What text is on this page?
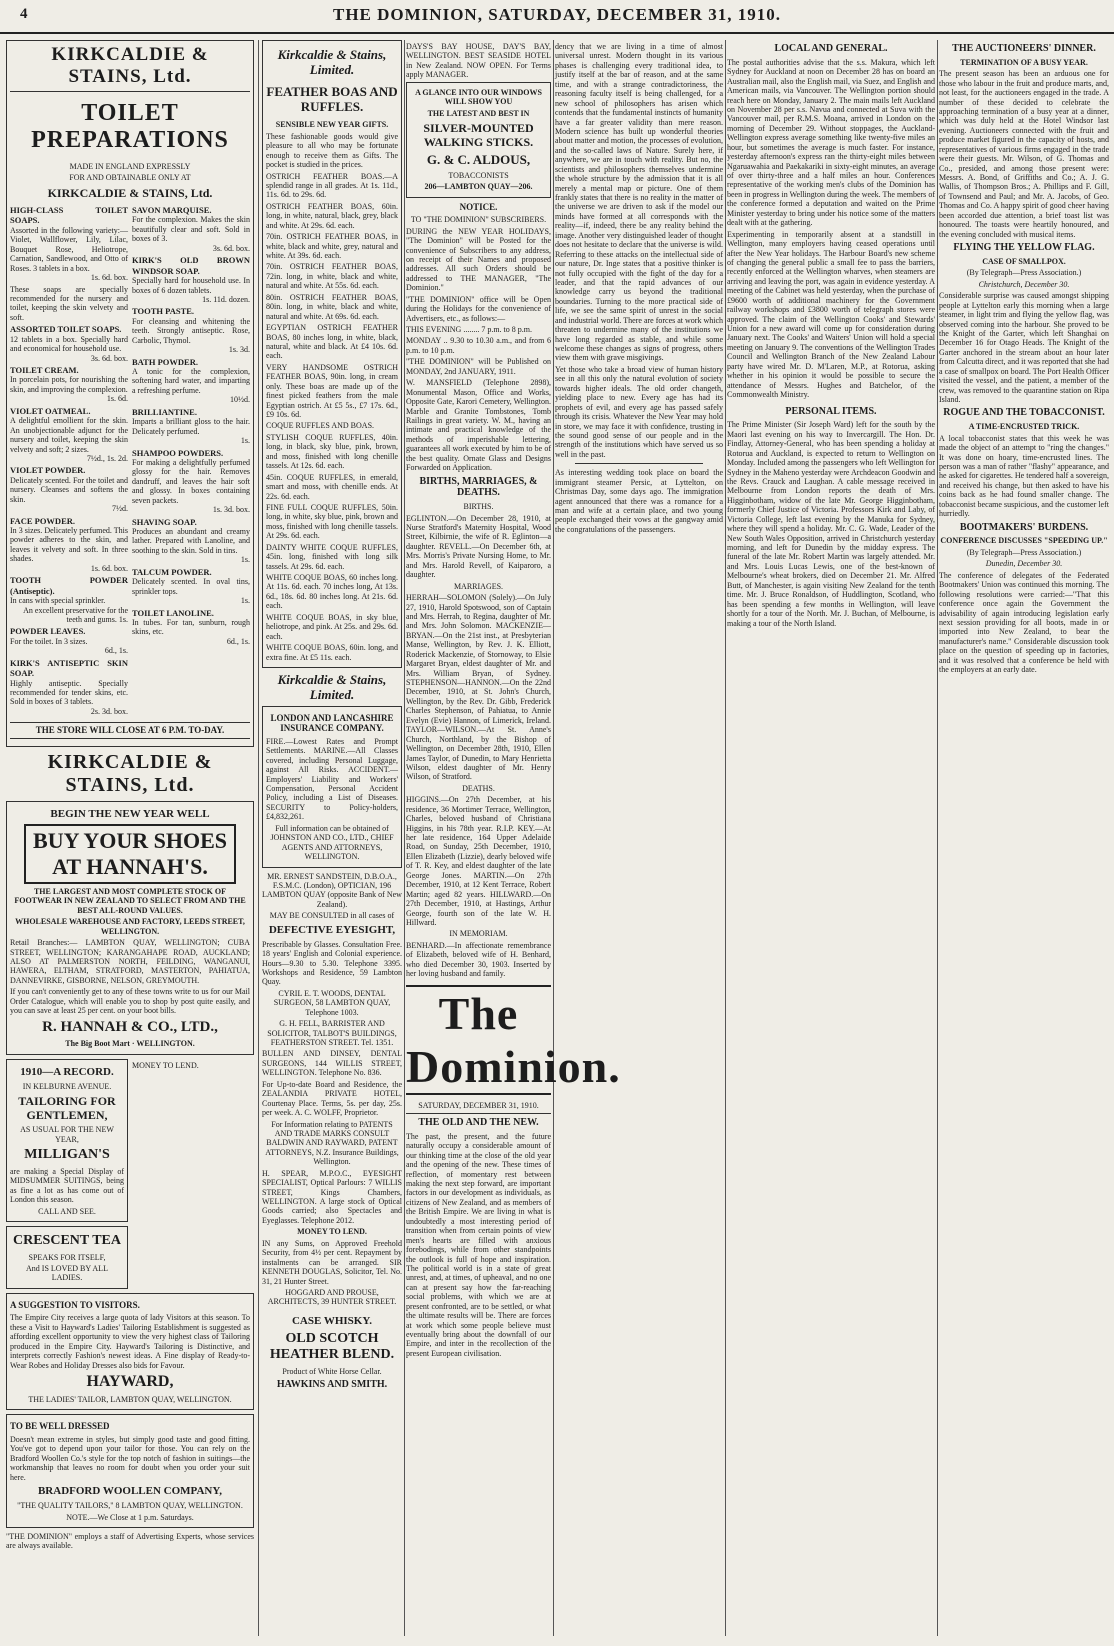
4	THE DOMINION, SATURDAY, DECEMBER 31, 1910.
KIRKCALDIE & STAINS, Ltd.
TOILET PREPARATIONS
MADE IN ENGLAND EXPRESSLY
FOR AND OBTAINABLE ONLY AT
KIRKCALDIE & STAINS, Ltd.
HIGH-CLASS TOILET SOAPS.
Assorted in the following variety:—Violet, Wallflower, Lily, Lilac, Bouquet Rose, Heliotrope, Carnation, Sandlewood, and Otto of Roses. 3 tablets in a box.
1s. 6d. box.
These soaps are specially recommended for the nursery and toilet, keeping the skin velvety and soft.
ASSORTED TOILET SOAPS.
12 tablets in a box. Specially hard and economical for household use.
3s. 6d. box.
TOILET CREAM.
In porcelain pots, for nourishing the skin, and improving the complexion.
1s. 6d.
VIOLET OATMEAL.
A delightful emollient for the skin. An unobjectionable adjunct for the nursery and toilet, keeping the skin velvety and soft; 2 sizes.
7½d., 1s. 2d.
VIOLET POWDER.
Delicately scented. For the toilet and nursery. Cleanses and softens the skin.
7½d.
FACE POWDER.
In 3 sizes. Delicately perfumed. This powder adheres to the skin, and leaves it velvety and soft. In three shades.
1s. 6d. box.
TOOTH POWDER (Antiseptic).
In cans with special sprinkler.
An excellent preservative for the teeth and gums. 1s.
POWDER LEAVES.
For the toilet. In 3 sizes.
6d., 1s.
KIRK'S ANTISEPTIC SKIN SOAP.
Highly antiseptic. Specially recommended for tender skins, etc. Sold in boxes of 3 tablets.
2s. 3d. box.
SAVON MARQUISE.
For the complexion. Makes the skin beautifully clear and soft. Sold in boxes of 3.
3s. 6d. box.
KIRK'S OLD BROWN WINDSOR SOAP.
Specially hard for household use. In boxes of 6 dozen tablets.
1s. 11d. dozen.
TOOTH PASTE.
For cleansing and whitening the teeth. Strongly antiseptic. Rose, Carbolic, Thymol.
1s. 3d.
BATH POWDER.
A tonic for the complexion, softening hard water, and imparting a refreshing perfume.
10½d.
BRILLIANTINE.
Imparts a brilliant gloss to the hair. Delicately perfumed.
1s.
SHAMPOO POWDERS.
For making a delightfully perfumed glossy for the hair. Removes dandruff, and leaves the hair soft and glossy. In boxes containing seven packets.
1s. 3d. box.
SHAVING SOAP.
Produces an abundant and creamy lather. Prepared with Lanoline, and soothing to the skin. Sold in tins.
1s.
TALCUM POWDER.
Delicately scented. In oval tins, sprinkler tops.
1s.
TOILET LANOLINE.
In tubes. For tan, sunburn, rough skins, etc.
6d., 1s.
THE STORE WILL CLOSE AT 6 P.M. TO-DAY.
KIRKCALDIE & STAINS, Ltd.
BEGIN THE NEW YEAR WELL
BUY YOUR SHOES AT HANNAH'S.
THE LARGEST AND MOST COMPLETE STOCK OF FOOTWEAR IN NEW ZEALAND TO SELECT FROM AND THE BEST ALL-ROUND VALUES.
WHOLESALE WAREHOUSE AND FACTORY, LEEDS STREET, WELLINGTON.
Retail Branches:— LAMBTON QUAY, WELLINGTON; CUBA STREET, WELLINGTON; KARANGAHAPE ROAD, AUCKLAND; ALSO AT PALMERSTON NORTH, FEILDING, WANGANUI, HAWERA, ELTHAM, STRATFORD, MASTERTON, PAHIATUA, DANNEVIRKE, GISBORNE, NELSON, GREYMOUTH.
If you can't conveniently get to any of these towns write to us for our Mail Order Catalogue, which will enable you to shop by post quite easily, and you can save at least 25 per cent. on your boot bills.
R. HANNAH & CO., LTD.,
The Big Boot Mart · WELLINGTON.
1910—A RECORD.
IN KELBURNE AVENUE.
TAILORING FOR GENTLEMEN,
AS USUAL FOR THE NEW YEAR,
MILLIGAN'S
are making a Special Display of MIDSUMMER SUITINGS, being as fine a lot as has come out of London this season.
CALL AND SEE.
CRESCENT TEA
SPEAKS FOR ITSELF,
And IS LOVED BY ALL LADIES.
MONEY TO LEND.
A SUGGESTION TO VISITORS.
The Empire City receives a large quota of lady Visitors at this season. To these a Visit to Hayward's Ladies' Tailoring Establishment is suggested as affording excellent opportunity to view the very highest class of Tailoring produced in the Empire City. Hayward's Tailoring is Distinctive, and interprets correctly Fashion's newest ideas. A Fine display of Ready-to-Wear Robes and Holiday Dresses also bids for Favour.
HAYWARD,
THE LADIES' TAILOR, LAMBTON QUAY, WELLINGTON.
TO BE WELL DRESSED
Doesn't mean extreme in styles, but simply good taste and good fitting. You've got to depend upon your tailor for those. You can rely on the Bradford Woollen Co.'s style for the top notch of fashion in suitings—the workmanship that leaves no room for doubt when you order your suit here.
BRADFORD WOOLLEN COMPANY,
"THE QUALITY TAILORS," 8 LAMBTON QUAY, WELLINGTON.
NOTE.—We Close at 1 p.m. Saturdays.
"THE DOMINION" employs a staff of Advertising Experts, whose services are always available.
Kirkcaldie & Stains, Limited.
FEATHER BOAS AND RUFFLES.
SENSIBLE NEW YEAR GIFTS.
These fashionable goods would give pleasure to all who may be fortunate enough to receive them as Gifts. The pocket is studied in the prices.
OSTRICH FEATHER BOAS.—A splendid range in all grades. At 1s. 11d., 11s. 6d. to 29s. 6d.
OSTRICH FEATHER BOAS, 60in. long, in white, natural, black, grey, black and white. At 29s. 6d. each.
70in. OSTRICH FEATHER BOAS, in white, black and white, grey, natural and white. At 39s. 6d. each.
70in. OSTRICH FEATHER BOAS, 72in. long, in white, black and white, natural and white. At 55s. 6d. each.
80in. OSTRICH FEATHER BOAS, 80in. long, in white, black and white, natural and white. At 69s. 6d. each.
EGYPTIAN OSTRICH FEATHER BOAS, 80 inches long, in white, black, natural, white and black. At £4 10s. 6d. each.
VERY HANDSOME OSTRICH FEATHER BOAS, 90in. long, in cream only. These boas are made up of the finest picked feathers from the male Egyptian ostrich. At £5 5s., £7 17s. 6d., £9 10s. 6d.
COQUE RUFFLES AND BOAS.
STYLISH COQUE RUFFLES, 40in. long, in black, sky blue, pink, brown, and moss, finished with long chenille tassels. At 12s. 6d. each.
45in. COQUE RUFFLES, in emerald, smart and moss, with chenille ends. At 22s. 6d. each.
FINE FULL COQUE RUFFLES, 50in. long, in white, sky blue, pink, brown and moss, finished with long chenille tassels. At 29s. 6d. each.
DAINTY WHITE COQUE RUFFLES, 45in. long, finished with long silk tassels. At 29s. 6d. each.
WHITE COQUE BOAS, 60 inches long. At 11s. 6d. each. 70 inches long, At 13s. 6d., 18s. 6d. 80 inches long. At 21s. 6d. each.
WHITE COQUE BOAS, in sky blue, heliotrope, and pink. At 25s. and 29s. 6d. each.
WHITE COQUE BOAS, 60in. long, and extra fine. At £5 11s. each.
Kirkcaldie & Stains, Limited.
LONDON AND LANCASHIRE INSURANCE COMPANY.
FIRE.—Lowest Rates and Prompt Settlements. MARINE.—All Classes covered, including Personal Luggage, against All Risks. ACCIDENT.—Employers' Liability and Workers' Compensation, Personal Accident Policy, including a List of Diseases. SECURITY to Policy-holders, £4,832,261.
Full information can be obtained of JOHNSTON AND CO., LTD., CHIEF AGENTS AND ATTORNEYS, WELLINGTON.
MR. ERNEST SANDSTEIN, D.B.O.A., F.S.M.C. (London), OPTICIAN, 196 LAMBTON QUAY (opposite Bank of New Zealand).
MAY BE CONSULTED in all cases of
DEFECTIVE EYESIGHT,
Prescribable by Glasses. Consultation Free. 18 years' English and Colonial experience. Hours—9.30 to 5.30. Telephone 3395. Workshops and Residence, 59 Lambton Quay.
CYRIL E. T. WOODS, DENTAL SURGEON, 58 LAMBTON QUAY, Telephone 1003.
G. H. FELL, BARRISTER AND SOLICITOR, TALBOT'S BUILDINGS, FEATHERSTON STREET. Tel. 1351.
BULLEN AND DINSEY, DENTAL SURGEONS, 144 WILLIS STREET, WELLINGTON. Telephone No. 836.
For Up-to-date Board and Residence, the ZEALANDIA PRIVATE HOTEL, Courtenay Place. Terms, 5s. per day, 25s. per week. A. C. WOLFF, Proprietor.
For Information relating to PATENTS AND TRADE MARKS CONSULT BALDWIN AND RAYWARD, PATENT ATTORNEYS, N.Z. Insurance Buildings, Wellington.
H. SPEAR, M.P.O.C., EYESIGHT SPECIALIST, Optical Parlours: 7 WILLIS STREET, Kings Chambers, WELLINGTON. A large stock of Optical Goods carried; also Spectacles and Eyeglasses. Telephone 2012.
MONEY TO LEND.
IN any Sums, on Approved Freehold Security, from 4½ per cent. Repayment by instalments can be arranged. SIR KENNETH DOUGLAS, Solicitor, Tel. No. 31, 21 Hunter Street.
HOGGARD AND PROUSE, ARCHITECTS, 39 HUNTER STREET.
CASE WHISKY.
OLD SCOTCH HEATHER BLEND.
Product of White Horse Cellar.
HAWKINS AND SMITH.
DAYS'S BAY HOUSE, DAY'S BAY, WELLINGTON. BEST SEASIDE HOTEL in New Zealand. NOW OPEN. For Terms apply MANAGER.
A GLANCE INTO OUR WINDOWS WILL SHOW YOU
THE LATEST AND BEST IN
SILVER-MOUNTED WALKING STICKS.
G. & C. ALDOUS,
TOBACCONISTS
206—LAMBTON QUAY—206.
NOTICE.
TO "THE DOMINION" SUBSCRIBERS.
DURING the NEW YEAR HOLIDAYS, "The Dominion" will be Posted for the convenience of Subscribers to any address, on receipt of their Names and proposed addresses. All such Orders should be addressed to THE MANAGER, "The Dominion."
"THE DOMINION" office will be Open during the Holidays for the convenience of Advertisers, etc., as follows:—
THIS EVENING ........ 7 p.m. to 8 p.m.
MONDAY .. 9.30 to 10.30 a.m., and from 6 p.m. to 10 p.m.
"THE DOMINION" will be Published on MONDAY, 2nd JANUARY, 1911.
W. MANSFIELD (Telephone 2898), Monumental Mason, Office and Works, Opposite Gate, Karori Cemetery, Wellington. Marble and Granite Tombstones, Tomb Railings in great variety. W. M., having an intimate and practical knowledge of the methods of imperishable lettering, guarantees all work executed by him to be of the best quality. Ornate Glass and Designs Forwarded on Application.
BIRTHS, MARRIAGES, & DEATHS.
BIRTHS.
EGLINTON.—On December 28, 1910, at Nurse Stratford's Maternity Hospital, Wood Street, Kilbirnie, the wife of R. Eglinton—a daughter. REVELL.—On December 6th, at Mrs. Morris's Private Nursing Home, to Mr. and Mrs. Harold Revell, of Kaiparoro, a daughter.
MARRIAGES.
HERRAH—SOLOMON (Solely).—On July 27, 1910, Harold Spotswood, son of Captain and Mrs. Herrah, to Regina, daughter of Mr. and Mrs. John Solomon. MACKENZIE—BRYAN.—On the 21st inst., at Presbyterian Manse, Wellington, by Rev. J. K. Elliott, Roderick Mackenzie, of Stornoway, to Elsie Margaret Bryan, eldest daughter of Mr. and Mrs. William Bryan, of Sydney. STEPHENSON—HANNON.—On the 22nd December, 1910, at St. John's Church, Wellington, by the Rev. Dr. Gibb, Frederick Charles Stephenson, of Pahiatua, to Annie Evelyn (Evie) Hannon, of Limerick, Ireland. TAYLOR—WILSON.—At St. Anne's Church, Northland, by the Bishop of Wellington, on December 28th, 1910, Ellen James Taylor, of Dunedin, to Mary Henrietta Wilson, eldest daughter of Mr. Henry Wilson, of Stratford.
DEATHS.
HIGGINS.—On 27th December, at his residence, 36 Mortimer Terrace, Wellington, Charles, beloved husband of Christiana Higgins, in his 78th year. R.I.P. KEY.—At her late residence, 164 Upper Adelaide Road, on Sunday, 25th December, 1910, Ellen Elizabeth (Lizzie), dearly beloved wife of T. R. Key, and eldest daughter of the late George Jones. MARTIN.—On 27th December, 1910, at 12 Kent Terrace, Robert Martin; aged 82 years. HILLWARD.—On 27th December, 1910, at Hastings, Arthur George, fourth son of the late W. H. Hillward.
IN MEMORIAM.
BENHARD.—In affectionate remembrance of Elizabeth, beloved wife of H. Benhard, who died December 30, 1903. Inserted by her loving husband and family.
The Dominion.
SATURDAY, DECEMBER 31, 1910.
THE OLD AND THE NEW.
The past, the present, and the future naturally occupy a considerable amount of our thinking time at the close of the old year and the opening of the new. These times of reflection, of momentary rest between making the next step forward, are important factors in our development as individuals, as citizens of New Zealand, and as members of the British Empire. We are living in what is undoubtedly a most interesting period of transition when from certain points of view men's hearts are filled with anxious forebodings, while from other standpoints the outlook is full of hope and inspiration. The political world is in a state of great unrest, and, at times, of upheaval, and no one can at present say how the far-reaching social problems, with which we are at present confronted, are to be settled, or what the ultimate results will be. There are forces at work which some people believe must eventually bring about the downfall of our Empire, and inter in the recollection of the present European civilisation.
dency that we are living in a time of almost universal unrest. Modern thought in its various phases is challenging every traditional idea, to justify itself at the bar of reason, and at the same time, and with a strange contradictoriness, the reasoning faculty itself is being challenged, for a new school of philosophers has arisen which contends that the fundamental instincts of humanity have a far greater validity than mere reason. Modern science has built up wonderful theories about matter and motion, the processes of evolution, and the so-called laws of Nature. Surely here, if anywhere, we are in touch with reality. But no, the scientists and philosophers themselves undermine the whole structure by the admission that it is all merely a mental map or picture. One of them frankly states that there is no reality in the matter of the universe we are driven to ask if the model our minds have formed at all corresponds with the reality—if, indeed, there be any reality behind the image. Another very distinguished leader of thought does not hesitate to declare that the universe is wild. Referring to these attacks on the intellectual side of our nature, Dr. Inge states that a positive thinker is not fully occupied with the fight of the day for a leader, and that the rapid advances of our knowledge carry us beyond the traditional boundaries. Turning to the more practical side of life, we see the same spirit of unrest in the social and industrial world. There are forces at work which threaten to undermine many of the institutions we have long regarded as stable, and while some welcome these changes as signs of progress, others view them with grave misgivings.
Yet those who take a broad view of human history see in all this only the natural evolution of society towards higher ideals. The old order changeth, yielding place to new. Every age has had its prophets of evil, and every age has passed safely through its crisis. Whatever the New Year may hold in store, we may face it with confidence, trusting in the sound good sense of our people and in the strength of the institutions which have served us so well in the past.
As interesting wedding took place on board the immigrant steamer Persic, at Lyttelton, on Christmas Day, some days ago. The immigration agent announced that there was a romance for a man and wife at a certain place, and two young people exchanged their vows at the gangway amid the congratulations of the passengers.
LOCAL AND GENERAL.
The postal authorities advise that the s.s. Makura, which left Sydney for Auckland at noon on December 28 has on board an Australian mail, also the English mail, via Suez, and English and American mails, via Vancouver. The Wellington portion should reach here on Monday, January 2. The main mails left Auckland on November 28 per s.s. Navua and connected at Suva with the Vancouver mail, per R.M.S. Moana, arrived in London on the morning of December 29. Without stoppages, the Auckland-Wellington express average something like twenty-five miles an hour, but sometimes the average is much faster. For instance, yesterday afternoon's express ran the thirty-eight miles between Ngaruawahia and Paekakariki in sixty-eight minutes, an average of over thirty-three and a half miles an hour. Conferences representative of the working men's clubs of the Dominion has been in progress in Wellington during the week. The members of the conference formed a deputation and waited on the Prime Minister yesterday to bring under his notice some of the matters dealt with at the gathering.
Experimenting in temporarily absent at a standstill in Wellington, many employers having ceased operations until after the New Year holidays. The Harbour Board's new scheme of changing the general public a small fee to pass the barriers, recently enforced at the Wellington wharves, when steamers are arriving and leaving the port, was again in evidence yesterday. A meeting of the Cabinet was held yesterday, when the purchase of £9600 worth of additional machinery for the Government railway workshops and £3800 worth of telegraph stores were approved. The claim of the Wellington Cooks' and Stewards' Union for a new award will come up for consideration during January next. The Cooks' and Waiters' Union will hold a special meeting on January 9. The conventions of the Wellington Trades Council and Wellington Branch of the New Zealand Labour party have wired Mr. D. M'Laren, M.P., at Rotorua, asking whether in his opinion it would be possible to secure the attendance of Messrs. Hughes and Batchelor, of the Commonwealth Ministry.
PERSONAL ITEMS.
The Prime Minister (Sir Joseph Ward) left for the south by the Maori last evening on his way to Invercargill. The Hon. Dr. Findlay, Attorney-General, who has been spending a holiday at Rotorua and Auckland, is expected to return to Wellington on Monday. Included among the passengers who left Wellington for Sydney in the Maheno yesterday were Archdeacon Goodwin and the Revs. Crauck and Laughan. A cable message received in Melbourne from London reports the death of Mrs. Higginbotham, widow of the late Mr. George Higginbotham, formerly Chief Justice of Victoria. Professors Kirk and Laby, of Victoria College, left last evening by the Manuka for Sydney, where they will spend a holiday. Mr. C. G. Wade, Leader of the New South Wales Opposition, arrived in Christchurch yesterday morning, and left for Dunedin by the midday express. The funeral of the late Mr. Robert Martin was largely attended. Mr. and Mrs. Louis Lucas Lewis, one of the best-known of Melbourne's wheat brokers, died on December 21. Mr. Alfred Butt, of Manchester, is again visiting New Zealand for the tenth time. Mr. J. Bruce Ronaldson, of Huddlington, Scotland, who has been spending a few months in Wellington, will leave shortly for a tour of the North. Mr. J. Buchan, of Melbourne, is making a tour of the North Island.
THE AUCTIONEERS' DINNER.
TERMINATION OF A BUSY YEAR.
The present season has been an arduous one for those who labour in the fruit and produce marts, and, not least, for the auctioneers engaged in the trade. A number of these decided to celebrate the approaching termination of a busy year at a dinner, which was duly held at the Hotel Windsor last evening. Auctioneers connected with the fruit and produce market figured in the capacity of hosts, and representatives of various firms engaged in the trade were their guests. Mr. Wilson, of G. Thomas and Co., presided, and among those present were: Messrs. A. Bond, of Griffiths and Co.; A. J. G. Wallis, of Thompson Bros.; A. Phillips and F. Gill, of Townsend and Paul; and Mr. A. Jacobs, of Geo. Thomas and Co. A happy spirit of good cheer having been accorded due attention, a brief toast list was honoured. The toasts were heartily honoured, and the evening concluded with musical items.
FLYING THE YELLOW FLAG.
CASE OF SMALLPOX.
(By Telegraph—Press Association.)
Christchurch, December 30.
Considerable surprise was caused amongst shipping people at Lyttelton early this morning when a large steamer, in light trim and flying the yellow flag, was observed coming into the harbour. She proved to be the Knight of the Garter, which left Shanghai on December 16 for Otago Heads. The Knight of the Garter anchored in the stream about an hour later from Calcutta direct, and it was reported that she had a case of smallpox on board. The Port Health Officer visited the vessel, and the patient, a member of the crew, was removed to the quarantine station on Ripa Island.
ROGUE AND THE TOBACCONIST.
A TIME-ENCRUSTED TRICK.
A local tobacconist states that this week he was made the object of an attempt to "ring the changes." It was done on hoary, time-encrusted lines. The person was a man of rather "flashy" appearance, and he asked for cigarettes. He tendered half a sovereign, and received his change, but then asked to have his coins back as he had found smaller change. The tobacconist became suspicious, and the customer left hurriedly.
BOOTMAKERS' BURDENS.
CONFERENCE DISCUSSES "SPEEDING UP."
(By Telegraph—Press Association.)
Dunedin, December 30.
The conference of delegates of the Federated Bootmakers' Union was continued this morning. The following resolutions were carried:—"That this conference once again the Government the advisability of again introducing legislation early next session providing for all boots, made in or imported into New Zealand, to bear the manufacturer's name." Considerable discussion took place on the question of speeding up in factories, and it was resolved that a conference be held with the employers at an early date.
